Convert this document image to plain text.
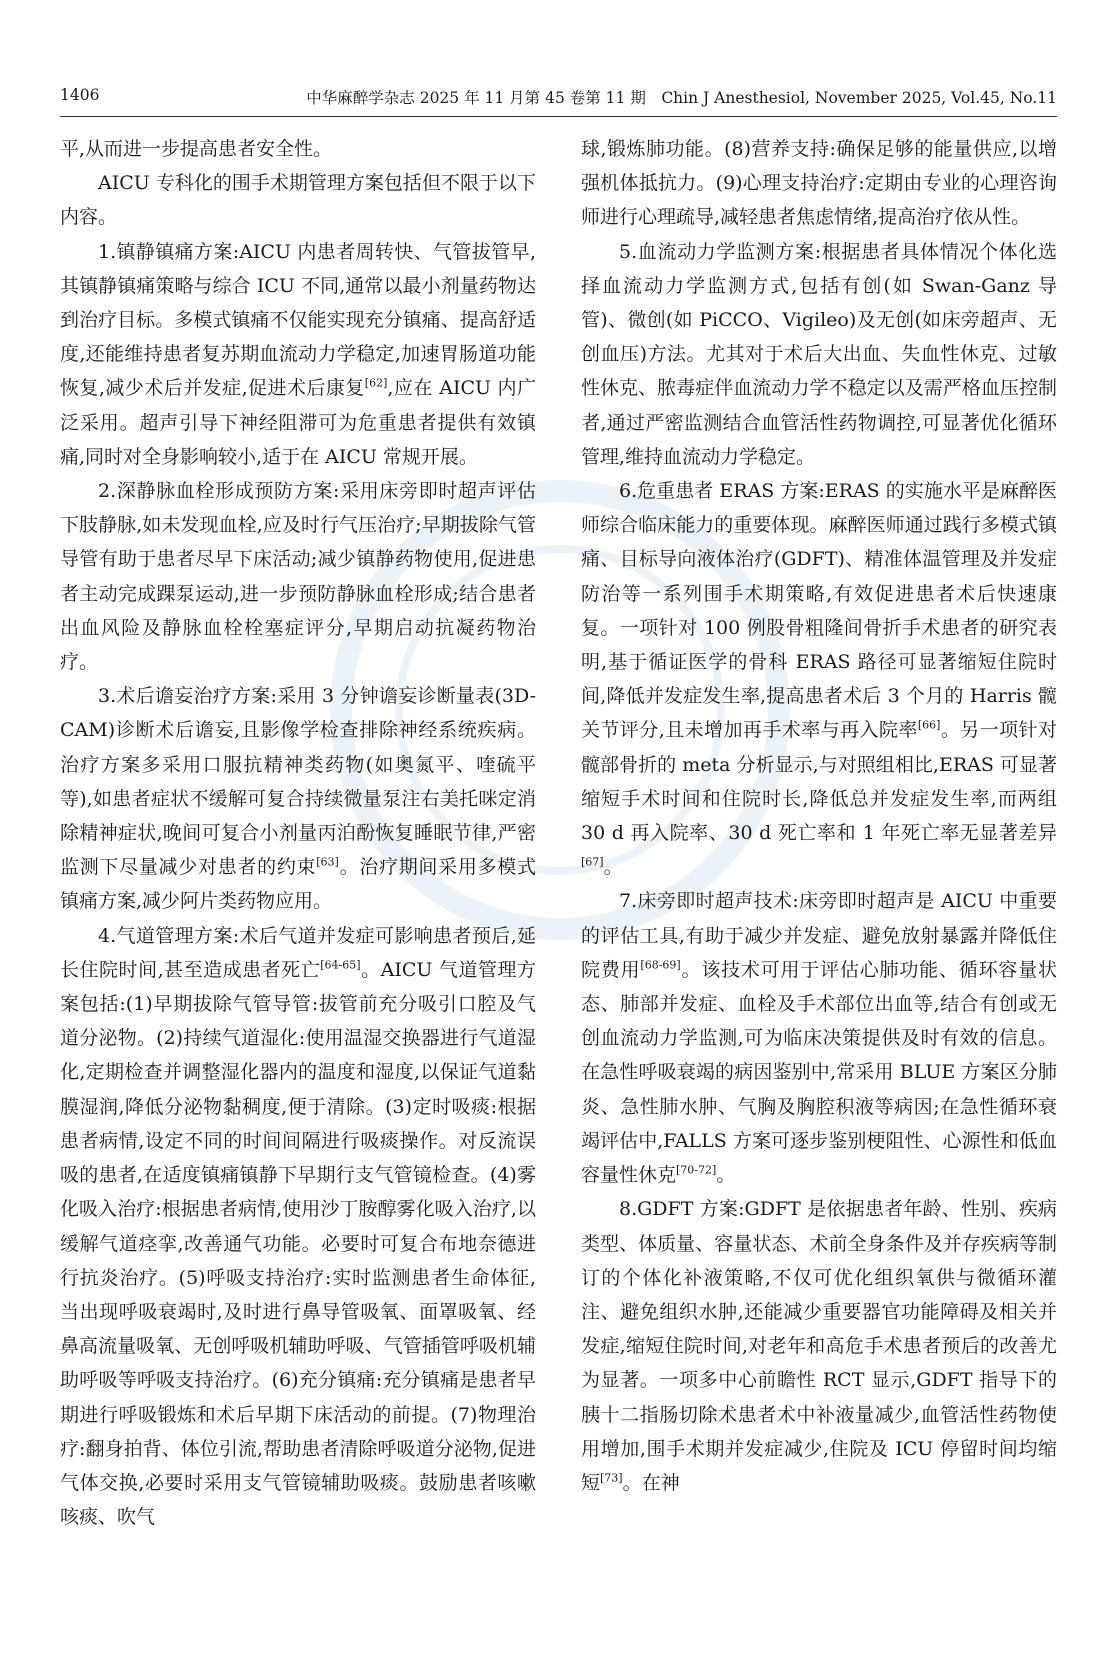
1406	中华麻醉学杂志 2025 年 11 月第 45 卷第 11 期　Chin J Anesthesiol, November 2025, Vol.45, No.11

平,从而进一步提高患者安全性。

AICU 专科化的围手术期管理方案包括但不限于以下内容。

1.镇静镇痛方案:AICU 内患者周转快、气管拔管早,其镇静镇痛策略与综合 ICU 不同,通常以最小剂量药物达到治疗目标。多模式镇痛不仅能实现充分镇痛、提高舒适度,还能维持患者复苏期血流动力学稳定,加速胃肠道功能恢复,减少术后并发症,促进术后康复[62],应在 AICU 内广泛采用。超声引导下神经阻滞可为危重患者提供有效镇痛,同时对全身影响较小,适于在 AICU 常规开展。

2.深静脉血栓形成预防方案:采用床旁即时超声评估下肢静脉,如未发现血栓,应及时行气压治疗;早期拔除气管导管有助于患者尽早下床活动;减少镇静药物使用,促进患者主动完成踝泵运动,进一步预防静脉血栓形成;结合患者出血风险及静脉血栓栓塞症评分,早期启动抗凝药物治疗。

3.术后谵妄治疗方案:采用 3 分钟谵妄诊断量表(3D-CAM)诊断术后谵妄,且影像学检查排除神经系统疾病。治疗方案多采用口服抗精神类药物(如奥氮平、喹硫平等),如患者症状不缓解可复合持续微量泵注右美托咪定消除精神症状,晚间可复合小剂量丙泊酚恢复睡眠节律,严密监测下尽量减少对患者的约束[63]。治疗期间采用多模式镇痛方案,减少阿片类药物应用。

4.气道管理方案:术后气道并发症可影响患者预后,延长住院时间,甚至造成患者死亡[64-65]。AICU 气道管理方案包括:(1)早期拔除气管导管:拔管前充分吸引口腔及气道分泌物。(2)持续气道湿化:使用温湿交换器进行气道湿化,定期检查并调整湿化器内的温度和湿度,以保证气道黏膜湿润,降低分泌物黏稠度,便于清除。(3)定时吸痰:根据患者病情,设定不同的时间间隔进行吸痰操作。对反流误吸的患者,在适度镇痛镇静下早期行支气管镜检查。(4)雾化吸入治疗:根据患者病情,使用沙丁胺醇雾化吸入治疗,以缓解气道痉挛,改善通气功能。必要时可复合布地奈德进行抗炎治疗。(5)呼吸支持治疗:实时监测患者生命体征,当出现呼吸衰竭时,及时进行鼻导管吸氧、面罩吸氧、经鼻高流量吸氧、无创呼吸机辅助呼吸、气管插管呼吸机辅助呼吸等呼吸支持治疗。(6)充分镇痛:充分镇痛是患者早期进行呼吸锻炼和术后早期下床活动的前提。(7)物理治疗:翻身拍背、体位引流,帮助患者清除呼吸道分泌物,促进气体交换,必要时采用支气管镜辅助吸痰。鼓励患者咳嗽咳痰、吹气

球,锻炼肺功能。(8)营养支持:确保足够的能量供应,以增强机体抵抗力。(9)心理支持治疗:定期由专业的心理咨询师进行心理疏导,减轻患者焦虑情绪,提高治疗依从性。

5.血流动力学监测方案:根据患者具体情况个体化选择血流动力学监测方式,包括有创(如 Swan-Ganz 导管)、微创(如 PiCCO、Vigileo)及无创(如床旁超声、无创血压)方法。尤其对于术后大出血、失血性休克、过敏性休克、脓毒症伴血流动力学不稳定以及需严格血压控制者,通过严密监测结合血管活性药物调控,可显著优化循环管理,维持血流动力学稳定。

6.危重患者 ERAS 方案:ERAS 的实施水平是麻醉医师综合临床能力的重要体现。麻醉医师通过践行多模式镇痛、目标导向液体治疗(GDFT)、精准体温管理及并发症防治等一系列围手术期策略,有效促进患者术后快速康复。一项针对 100 例股骨粗隆间骨折手术患者的研究表明,基于循证医学的骨科 ERAS 路径可显著缩短住院时间,降低并发症发生率,提高患者术后 3 个月的 Harris 髋关节评分,且未增加再手术率与再入院率[66]。另一项针对髋部骨折的 meta 分析显示,与对照组相比,ERAS 可显著缩短手术时间和住院时长,降低总并发症发生率,而两组 30 d 再入院率、30 d 死亡率和 1 年死亡率无显著差异[67]。

7.床旁即时超声技术:床旁即时超声是 AICU 中重要的评估工具,有助于减少并发症、避免放射暴露并降低住院费用[68-69]。该技术可用于评估心肺功能、循环容量状态、肺部并发症、血栓及手术部位出血等,结合有创或无创血流动力学监测,可为临床决策提供及时有效的信息。在急性呼吸衰竭的病因鉴别中,常采用 BLUE 方案区分肺炎、急性肺水肿、气胸及胸腔积液等病因;在急性循环衰竭评估中,FALLS 方案可逐步鉴别梗阻性、心源性和低血容量性休克[70-72]。

8.GDFT 方案:GDFT 是依据患者年龄、性别、疾病类型、体质量、容量状态、术前全身条件及并存疾病等制订的个体化补液策略,不仅可优化组织氧供与微循环灌注、避免组织水肿,还能减少重要器官功能障碍及相关并发症,缩短住院时间,对老年和高危手术患者预后的改善尤为显著。一项多中心前瞻性 RCT 显示,GDFT 指导下的胰十二指肠切除术患者术中补液量减少,血管活性药物使用增加,围手术期并发症减少,住院及 ICU 停留时间均缩短[73]。在神
